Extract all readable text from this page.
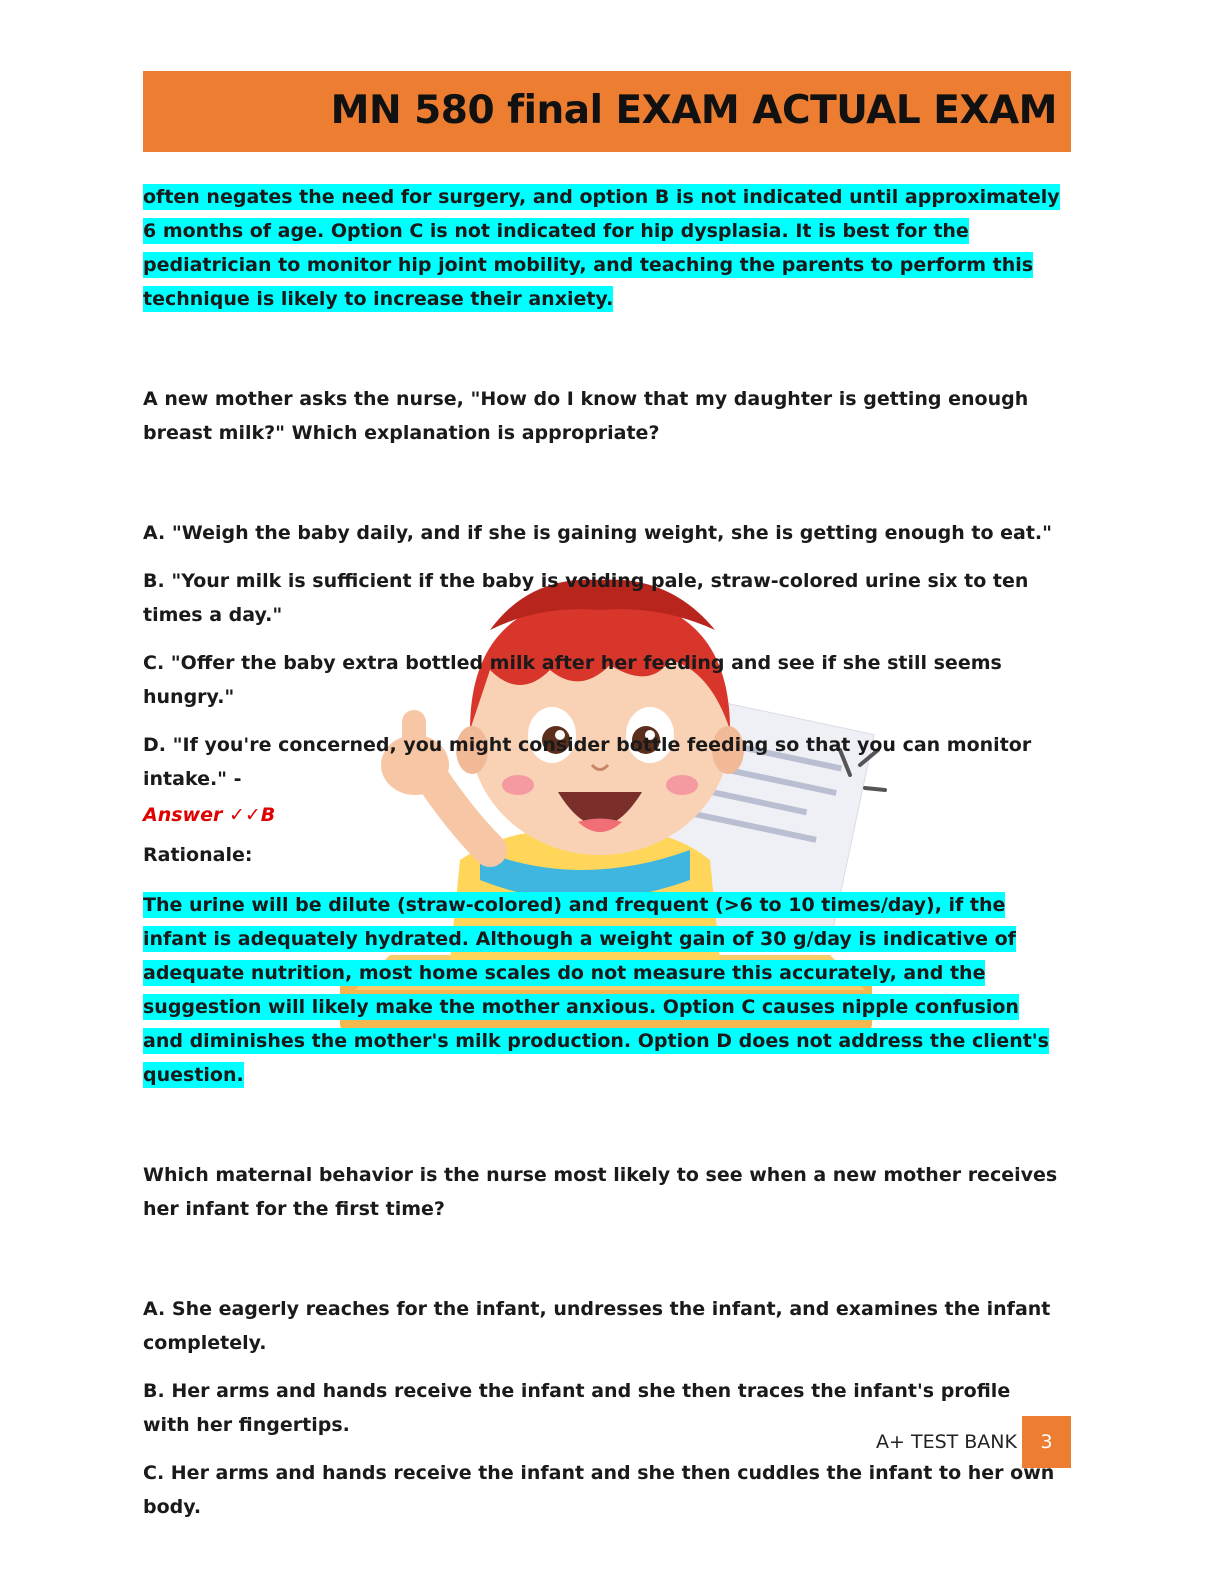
MN 580 final EXAM ACTUAL EXAM

often negates the need for surgery, and option B is not indicated until approximately 6 months of age. Option C is not indicated for hip dysplasia. It is best for the pediatrician to monitor hip joint mobility, and teaching the parents to perform this technique is likely to increase their anxiety.

A new mother asks the nurse, "How do I know that my daughter is getting enough breast milk?" Which explanation is appropriate?

A. "Weigh the baby daily, and if she is gaining weight, she is getting enough to eat."

B. "Your milk is sufficient if the baby is voiding pale, straw-colored urine six to ten times a day."

C. "Offer the baby extra bottled milk after her feeding and see if she still seems hungry."

D. "If you're concerned, you might consider bottle feeding so that you can monitor intake." -

Answer ✓✓B

Rationale:

The urine will be dilute (straw-colored) and frequent (>6 to 10 times/day), if the infant is adequately hydrated. Although a weight gain of 30 g/day is indicative of adequate nutrition, most home scales do not measure this accurately, and the suggestion will likely make the mother anxious. Option C causes nipple confusion and diminishes the mother's milk production. Option D does not address the client's question.

Which maternal behavior is the nurse most likely to see when a new mother receives her infant for the first time?

A. She eagerly reaches for the infant, undresses the infant, and examines the infant completely.

B. Her arms and hands receive the infant and she then traces the infant's profile with her fingertips.

C. Her arms and hands receive the infant and she then cuddles the infant to her own body.

A+ TEST BANK	3
